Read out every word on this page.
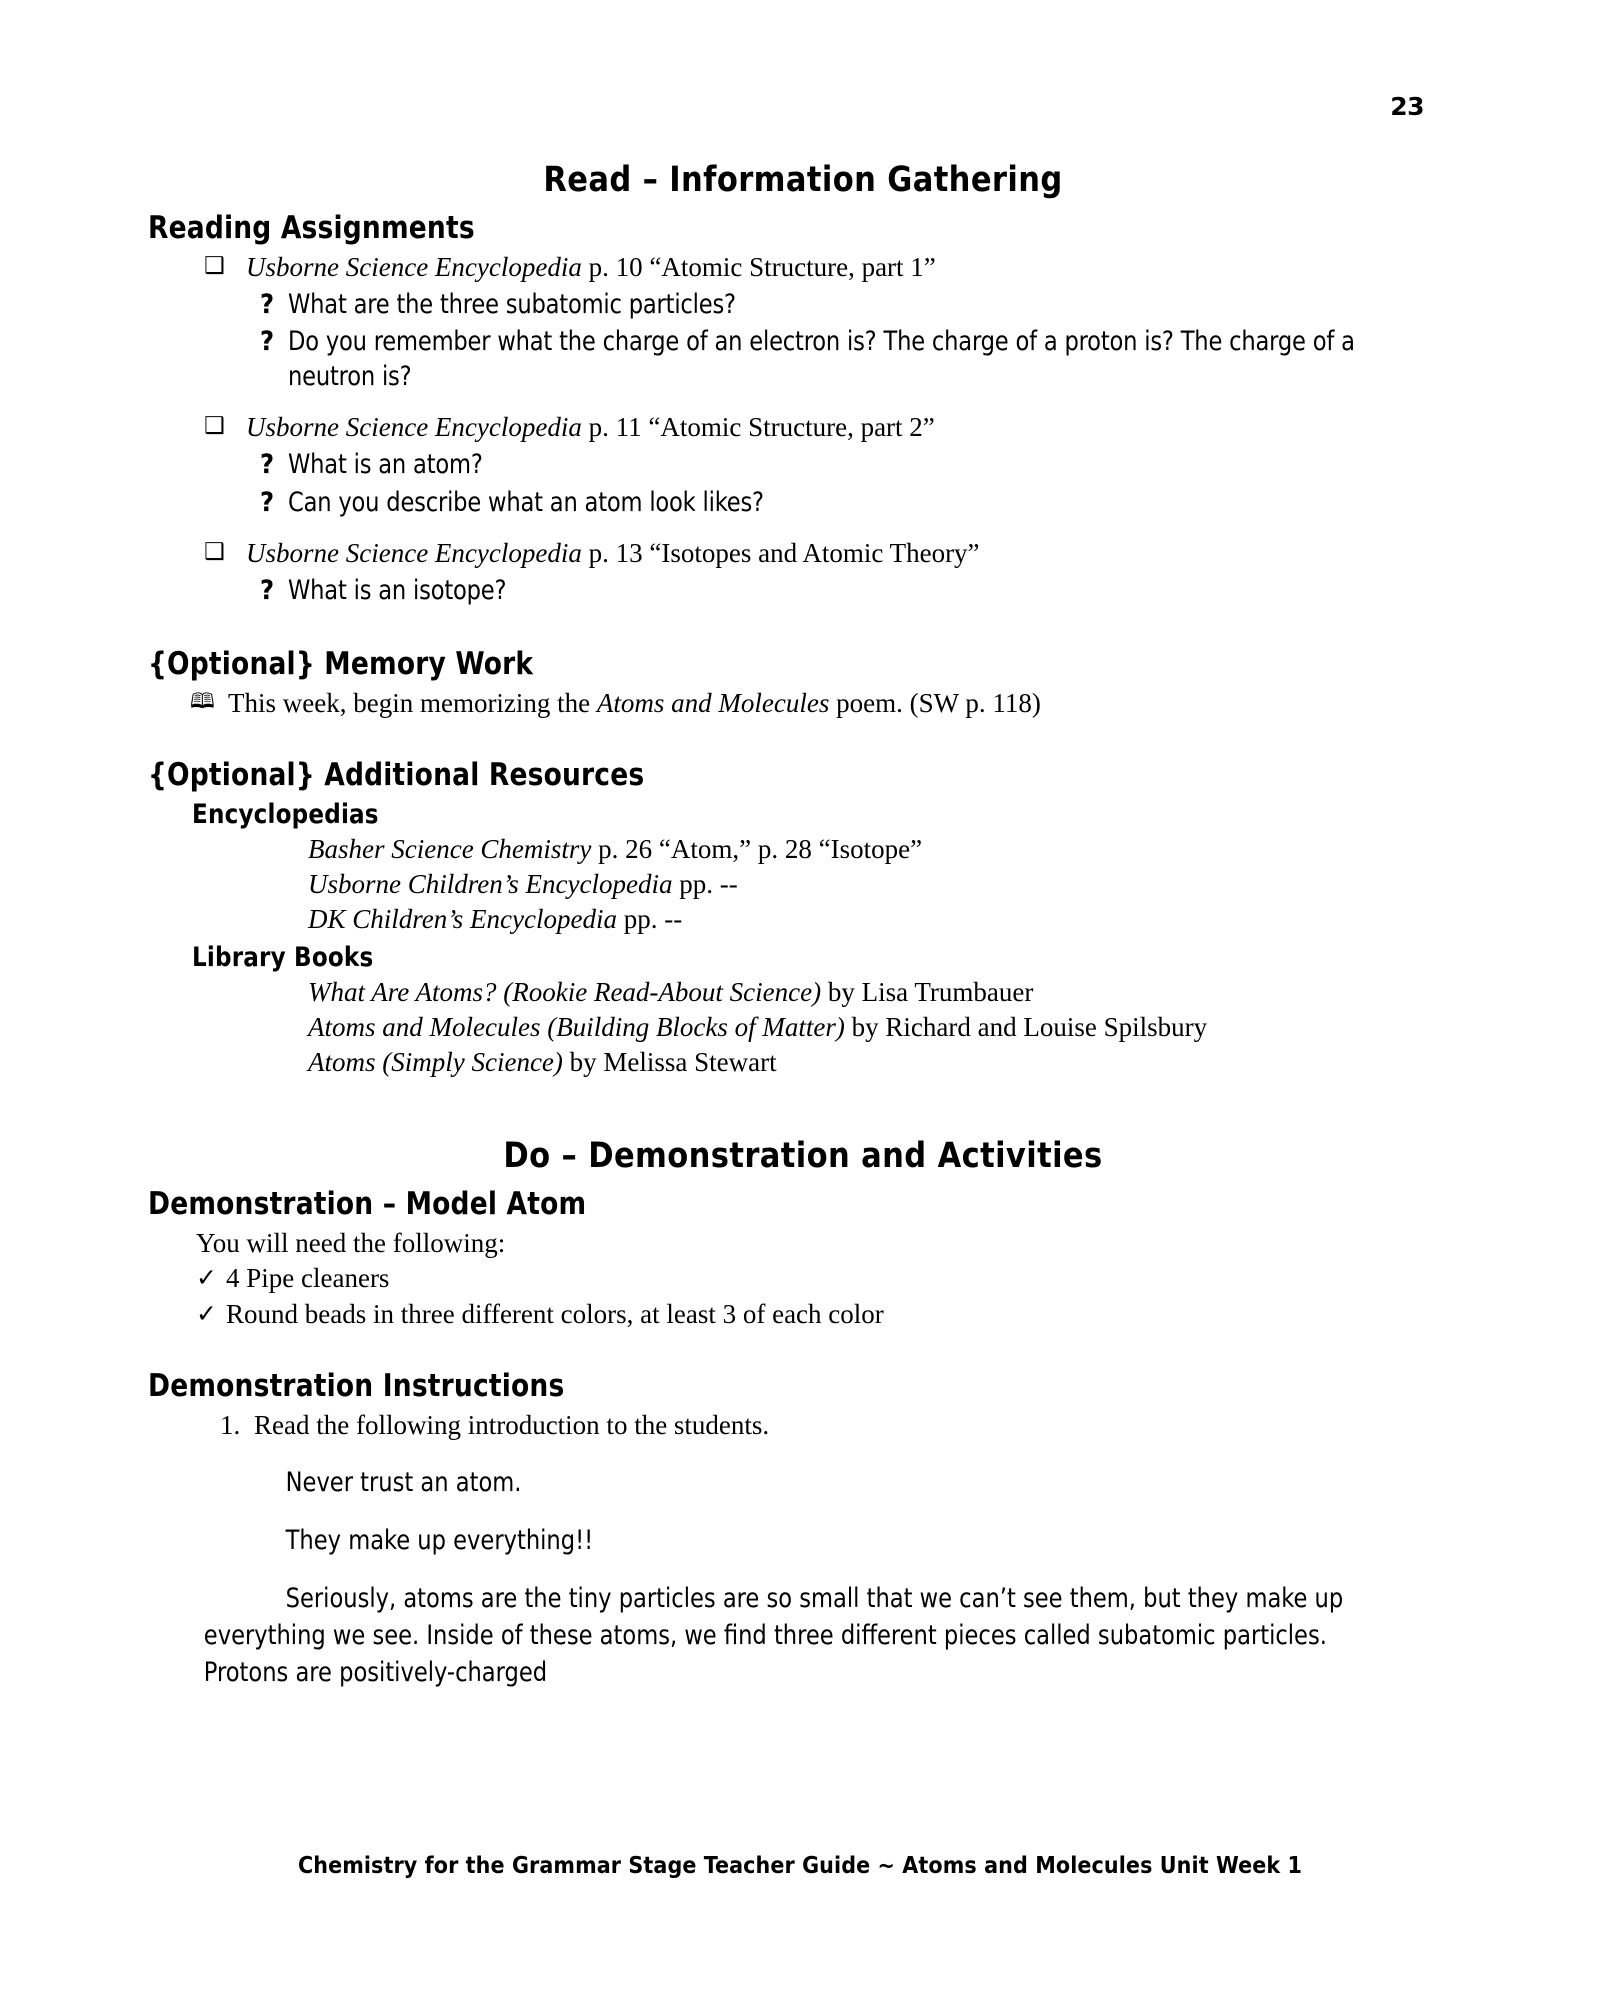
23
Read – Information Gathering
Reading Assignments
❑ Usborne Science Encyclopedia p. 10 “Atomic Structure, part 1”
? What are the three subatomic particles?
? Do you remember what the charge of an electron is? The charge of a proton is? The charge of a neutron is?
❑ Usborne Science Encyclopedia p. 11 “Atomic Structure, part 2”
? What is an atom?
? Can you describe what an atom look likes?
❑ Usborne Science Encyclopedia p. 13 “Isotopes and Atomic Theory”
? What is an isotope?
{Optional} Memory Work
🕮 This week, begin memorizing the Atoms and Molecules poem. (SW p. 118)
{Optional} Additional Resources
Encyclopedias
Basher Science Chemistry p. 26 “Atom,” p. 28 “Isotope”
Usborne Children’s Encyclopedia pp. --
DK Children’s Encyclopedia pp. --
Library Books
What Are Atoms? (Rookie Read-About Science) by Lisa Trumbauer
Atoms and Molecules (Building Blocks of Matter) by Richard and Louise Spilsbury
Atoms (Simply Science) by Melissa Stewart
Do – Demonstration and Activities
Demonstration – Model Atom
You will need the following:
✓ 4 Pipe cleaners
✓ Round beads in three different colors, at least 3 of each color
Demonstration Instructions
1. Read the following introduction to the students.
Never trust an atom.
They make up everything!!
Seriously, atoms are the tiny particles are so small that we can’t see them, but they make up everything we see. Inside of these atoms, we find three different pieces called subatomic particles. Protons are positively-charged
Chemistry for the Grammar Stage Teacher Guide ~ Atoms and Molecules Unit Week 1
